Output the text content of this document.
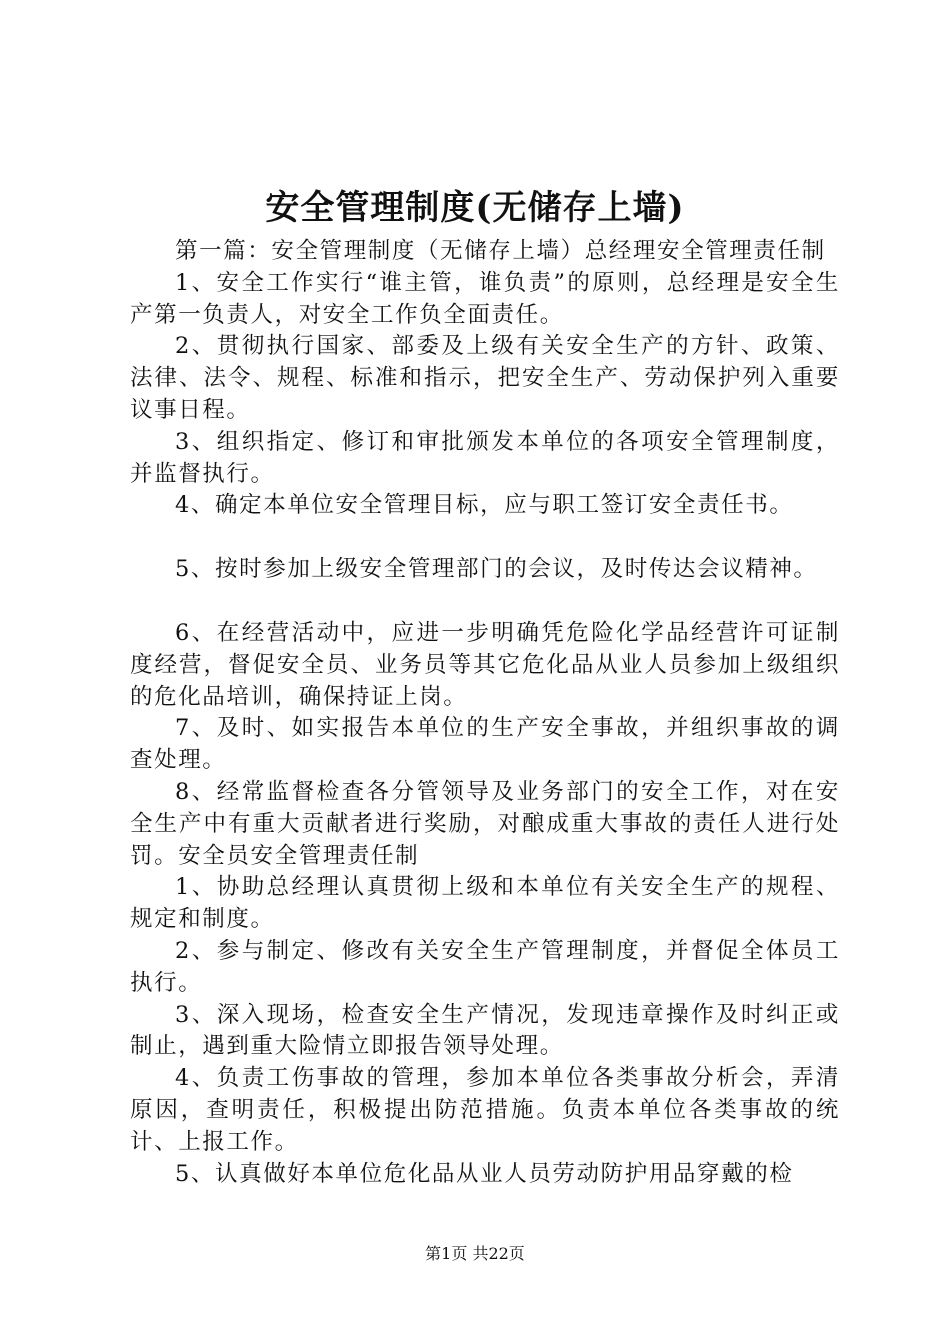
安全管理制度(无储存上墙)

第一篇：安全管理制度（无储存上墙）总经理安全管理责任制

1、安全工作实行“谁主管，谁负责”的原则，总经理是安全生产第一负责人，对安全工作负全面责任。

2、贯彻执行国家、部委及上级有关安全生产的方针、政策、法律、法令、规程、标准和指示，把安全生产、劳动保护列入重要议事日程。

3、组织指定、修订和审批颁发本单位的各项安全管理制度，并监督执行。

4、确定本单位安全管理目标，应与职工签订安全责任书。

5、按时参加上级安全管理部门的会议，及时传达会议精神。

6、在经营活动中，应进一步明确凭危险化学品经营许可证制度经营，督促安全员、业务员等其它危化品从业人员参加上级组织的危化品培训，确保持证上岗。

7、及时、如实报告本单位的生产安全事故，并组织事故的调查处理。

8、经常监督检查各分管领导及业务部门的安全工作，对在安全生产中有重大贡献者进行奖励，对酿成重大事故的责任人进行处罚。安全员安全管理责任制

1、协助总经理认真贯彻上级和本单位有关安全生产的规程、规定和制度。

2、参与制定、修改有关安全生产管理制度，并督促全体员工执行。

3、深入现场，检查安全生产情况，发现违章操作及时纠正或制止，遇到重大险情立即报告领导处理。

4、负责工伤事故的管理，参加本单位各类事故分析会，弄清原因，查明责任，积极提出防范措施。负责本单位各类事故的统计、上报工作。

5、认真做好本单位危化品从业人员劳动防护用品穿戴的检

第1页 共22页
